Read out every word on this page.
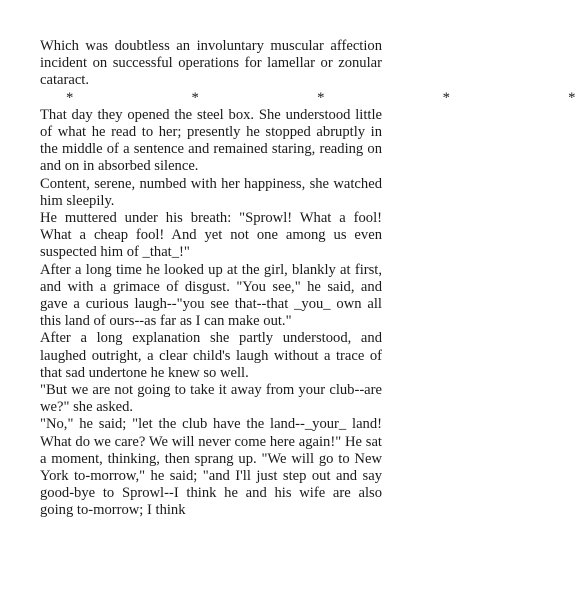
Which was doubtless an involuntary muscular affection incident on successful operations for lamellar or zonular cataract.

*     *     *     *     *

That day they opened the steel box. She understood little of what he read to her; presently he stopped abruptly in the middle of a sentence and remained staring, reading on and on in absorbed silence.

Content, serene, numbed with her happiness, she watched him sleepily.

He muttered under his breath: "Sprowl! What a fool! What a cheap fool! And yet not one among us even suspected him of _that_!"

After a long time he looked up at the girl, blankly at first, and with a grimace of disgust. "You see," he said, and gave a curious laugh--"you see that--that _you_ own all this land of ours--as far as I can make out."

After a long explanation she partly understood, and laughed outright, a clear child's laugh without a trace of that sad undertone he knew so well.

"But we are not going to take it away from your club--are we?" she asked.

"No," he said; "let the club have the land--_your_ land! What do we care? We will never come here again!" He sat a moment, thinking, then sprang up. "We will go to New York to-morrow," he said; "and I'll just step out and say good-bye to Sprowl--I think he and his wife are also going to-morrow; I think
